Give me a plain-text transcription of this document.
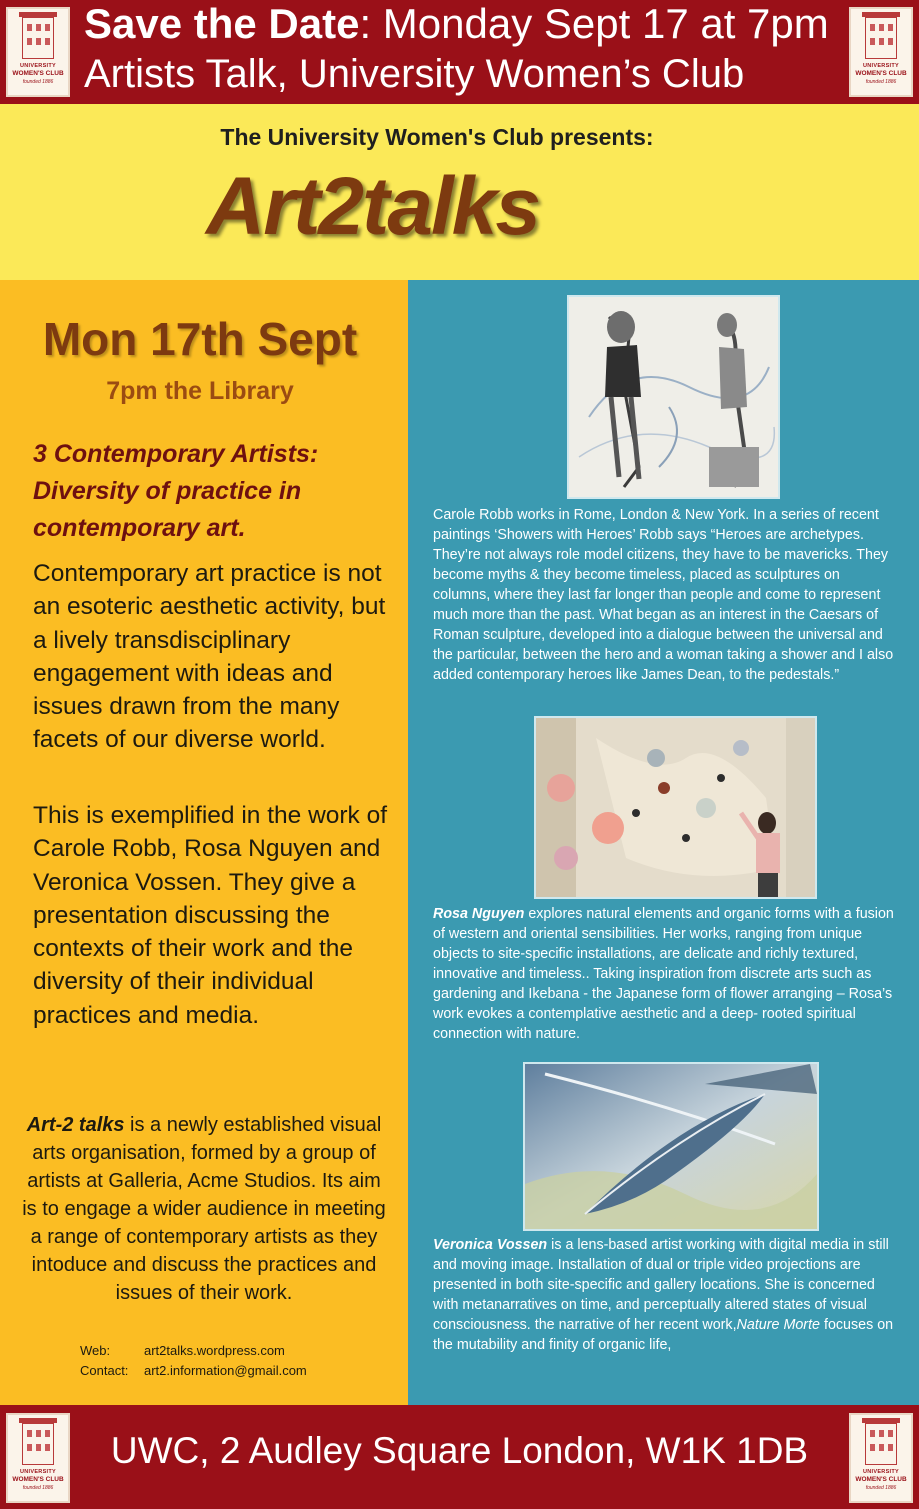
UNIVERSITY
WOMEN'S CLUB
founded 1886
UNIVERSITY
WOMEN'S CLUB
founded 1886
Save the Date: Monday Sept 17 at 7pm
Artists Talk, University Women’s Club
The University Women's Club presents:
Art2talks
Mon 17th Sept
7pm the Library
3 Contemporary Artists: Diversity of practice in contemporary art.
Contemporary art practice is not an esoteric aesthetic activity, but a lively transdisciplinary engagement with ideas and issues drawn from the many facets of our diverse world.
This is exemplified in the work of Carole Robb, Rosa Nguyen and Veronica Vossen. They give a presentation discussing the contexts of their work and the diversity of their individual practices and media.
Art-2 talks is a newly established visual arts organisation, formed by a group of artists at Galleria, Acme Studios. Its aim is to engage a wider audience in meeting a range of contemporary artists as they intoduce and discuss the practices and issues of their work.
Web:	art2talks.wordpress.com
Contact: art2.information@gmail.com
Carole Robb works in Rome, London & New York. In a series of recent paintings ‘Showers with Heroes’ Robb says “Heroes are archetypes. They’re not always role model citizens, they have to be mavericks. They become myths & they become timeless, placed as sculptures on columns, where they last far longer than people and come to represent much more than the past. What began as an interest in the Caesars of Roman sculpture, developed into a dialogue between the universal and the particular, between the hero and a woman taking a shower and I also added contemporary heroes like James Dean, to the pedestals.”
Rosa Nguyen explores natural elements and organic forms with a fusion of western and oriental sensibilities. Her works, ranging from unique objects to site-specific installations, are delicate and richly textured, innovative and timeless.. Taking inspiration from discrete arts such as gardening and Ikebana - the Japanese form of flower arranging – Rosa’s work evokes a contemplative aesthetic and a deep- rooted spiritual connection with nature.
Veronica Vossen is a lens-based artist working with digital media in still and moving image. Installation of dual or triple video projections are presented in both site-specific and gallery locations. She is concerned with metanarratives on time, and perceptually altered states of visual consciousness. the narrative of her recent work,Nature Morte focuses on the mutability and finity of organic life,
UNIVERSITY
WOMEN'S CLUB
founded 1886
UNIVERSITY
WOMEN'S CLUB
founded 1886
UWC, 2 Audley Square London, W1K 1DB
